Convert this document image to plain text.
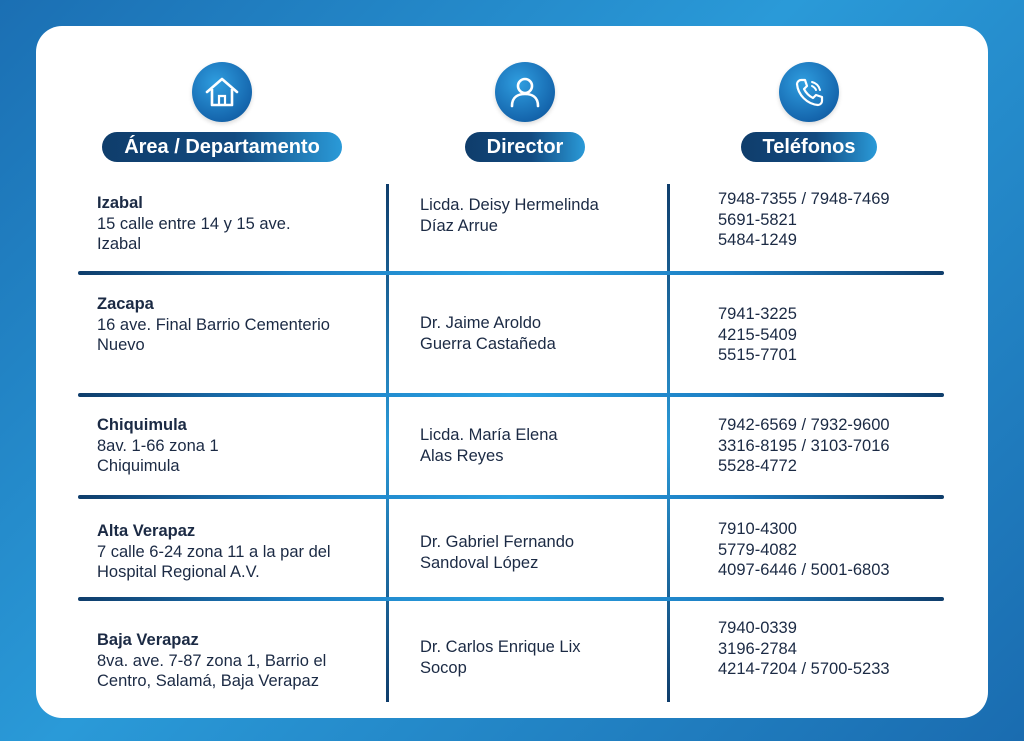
Área / Departamento	Director	Teléfonos
Izabal
15 calle entre 14 y 15 ave.
Izabal
Licda. Deisy Hermelinda
Díaz Arrue
7948-7355 / 7948-7469
5691-5821
5484-1249
Zacapa
16 ave. Final Barrio Cementerio
Nuevo
Dr. Jaime Aroldo
Guerra Castañeda
7941-3225
4215-5409
5515-7701
Chiquimula
8av. 1-66 zona 1
Chiquimula
Licda. María Elena
Alas Reyes
7942-6569 / 7932-9600
3316-8195 / 3103-7016
5528-4772
Alta Verapaz
7 calle 6-24 zona 11 a la par del
Hospital Regional A.V.
Dr. Gabriel Fernando
Sandoval López
7910-4300
5779-4082
4097-6446 / 5001-6803
Baja Verapaz
8va. ave. 7-87 zona 1, Barrio el
Centro, Salamá, Baja Verapaz
Dr. Carlos Enrique Lix
Socop
7940-0339
3196-2784
4214-7204 / 5700-5233
